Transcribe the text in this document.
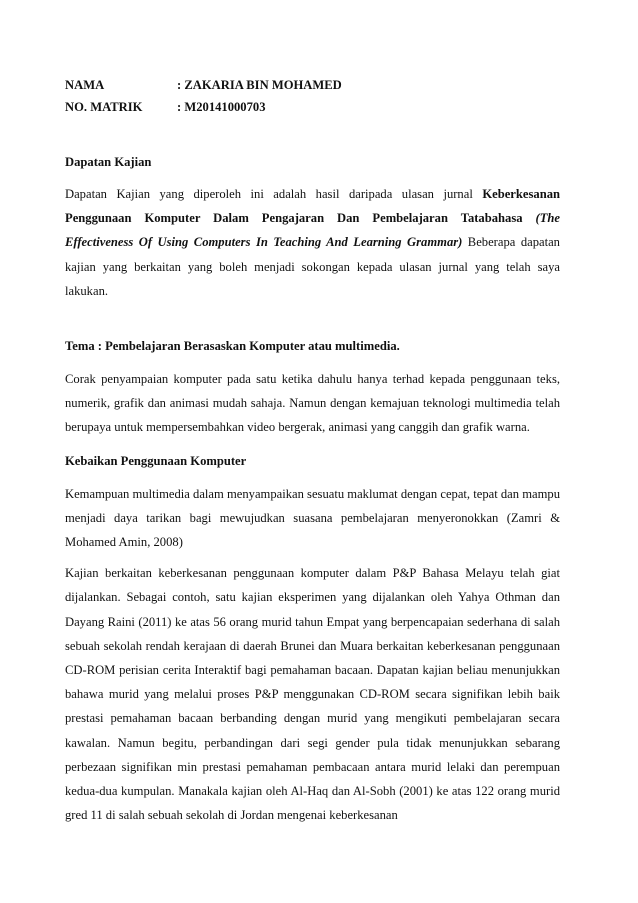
NAMA	: ZAKARIA BIN MOHAMED
NO. MATRIK	: M20141000703
Dapatan Kajian

Dapatan Kajian yang diperoleh ini adalah hasil daripada ulasan jurnal Keberkesanan Penggunaan Komputer Dalam Pengajaran Dan Pembelajaran Tatabahasa (The Effectiveness Of Using Computers In Teaching And Learning Grammar) Beberapa dapatan kajian yang berkaitan yang boleh menjadi sokongan kepada ulasan jurnal yang telah saya lakukan.

Tema : Pembelajaran Berasaskan Komputer atau multimedia.

Corak penyampaian komputer pada satu ketika dahulu hanya terhad kepada penggunaan teks, numerik, grafik dan animasi mudah sahaja. Namun dengan kemajuan teknologi multimedia telah berupaya untuk mempersembahkan video bergerak, animasi yang canggih dan grafik warna.

Kebaikan Penggunaan Komputer

Kemampuan multimedia dalam menyampaikan sesuatu maklumat dengan cepat, tepat dan mampu menjadi daya tarikan bagi mewujudkan suasana pembelajaran menyeronokkan (Zamri & Mohamed Amin, 2008)

Kajian berkaitan keberkesanan penggunaan komputer dalam P&P Bahasa Melayu telah giat dijalankan. Sebagai contoh, satu kajian eksperimen yang dijalankan oleh Yahya Othman dan Dayang Raini (2011) ke atas 56 orang murid tahun Empat yang berpencapaian sederhana di salah sebuah sekolah rendah kerajaan di daerah Brunei dan Muara berkaitan keberkesanan penggunaan CD-ROM perisian cerita Interaktif bagi pemahaman bacaan. Dapatan kajian beliau menunjukkan bahawa murid yang melalui proses P&P menggunakan CD-ROM secara signifikan lebih baik prestasi pemahaman bacaan berbanding dengan murid yang mengikuti pembelajaran secara kawalan. Namun begitu, perbandingan dari segi gender pula tidak menunjukkan sebarang perbezaan signifikan min prestasi pemahaman pembacaan antara murid lelaki dan perempuan kedua-dua kumpulan. Manakala kajian oleh Al-Haq dan Al-Sobh (2001) ke atas 122 orang murid gred 11 di salah sebuah sekolah di Jordan mengenai keberkesanan
